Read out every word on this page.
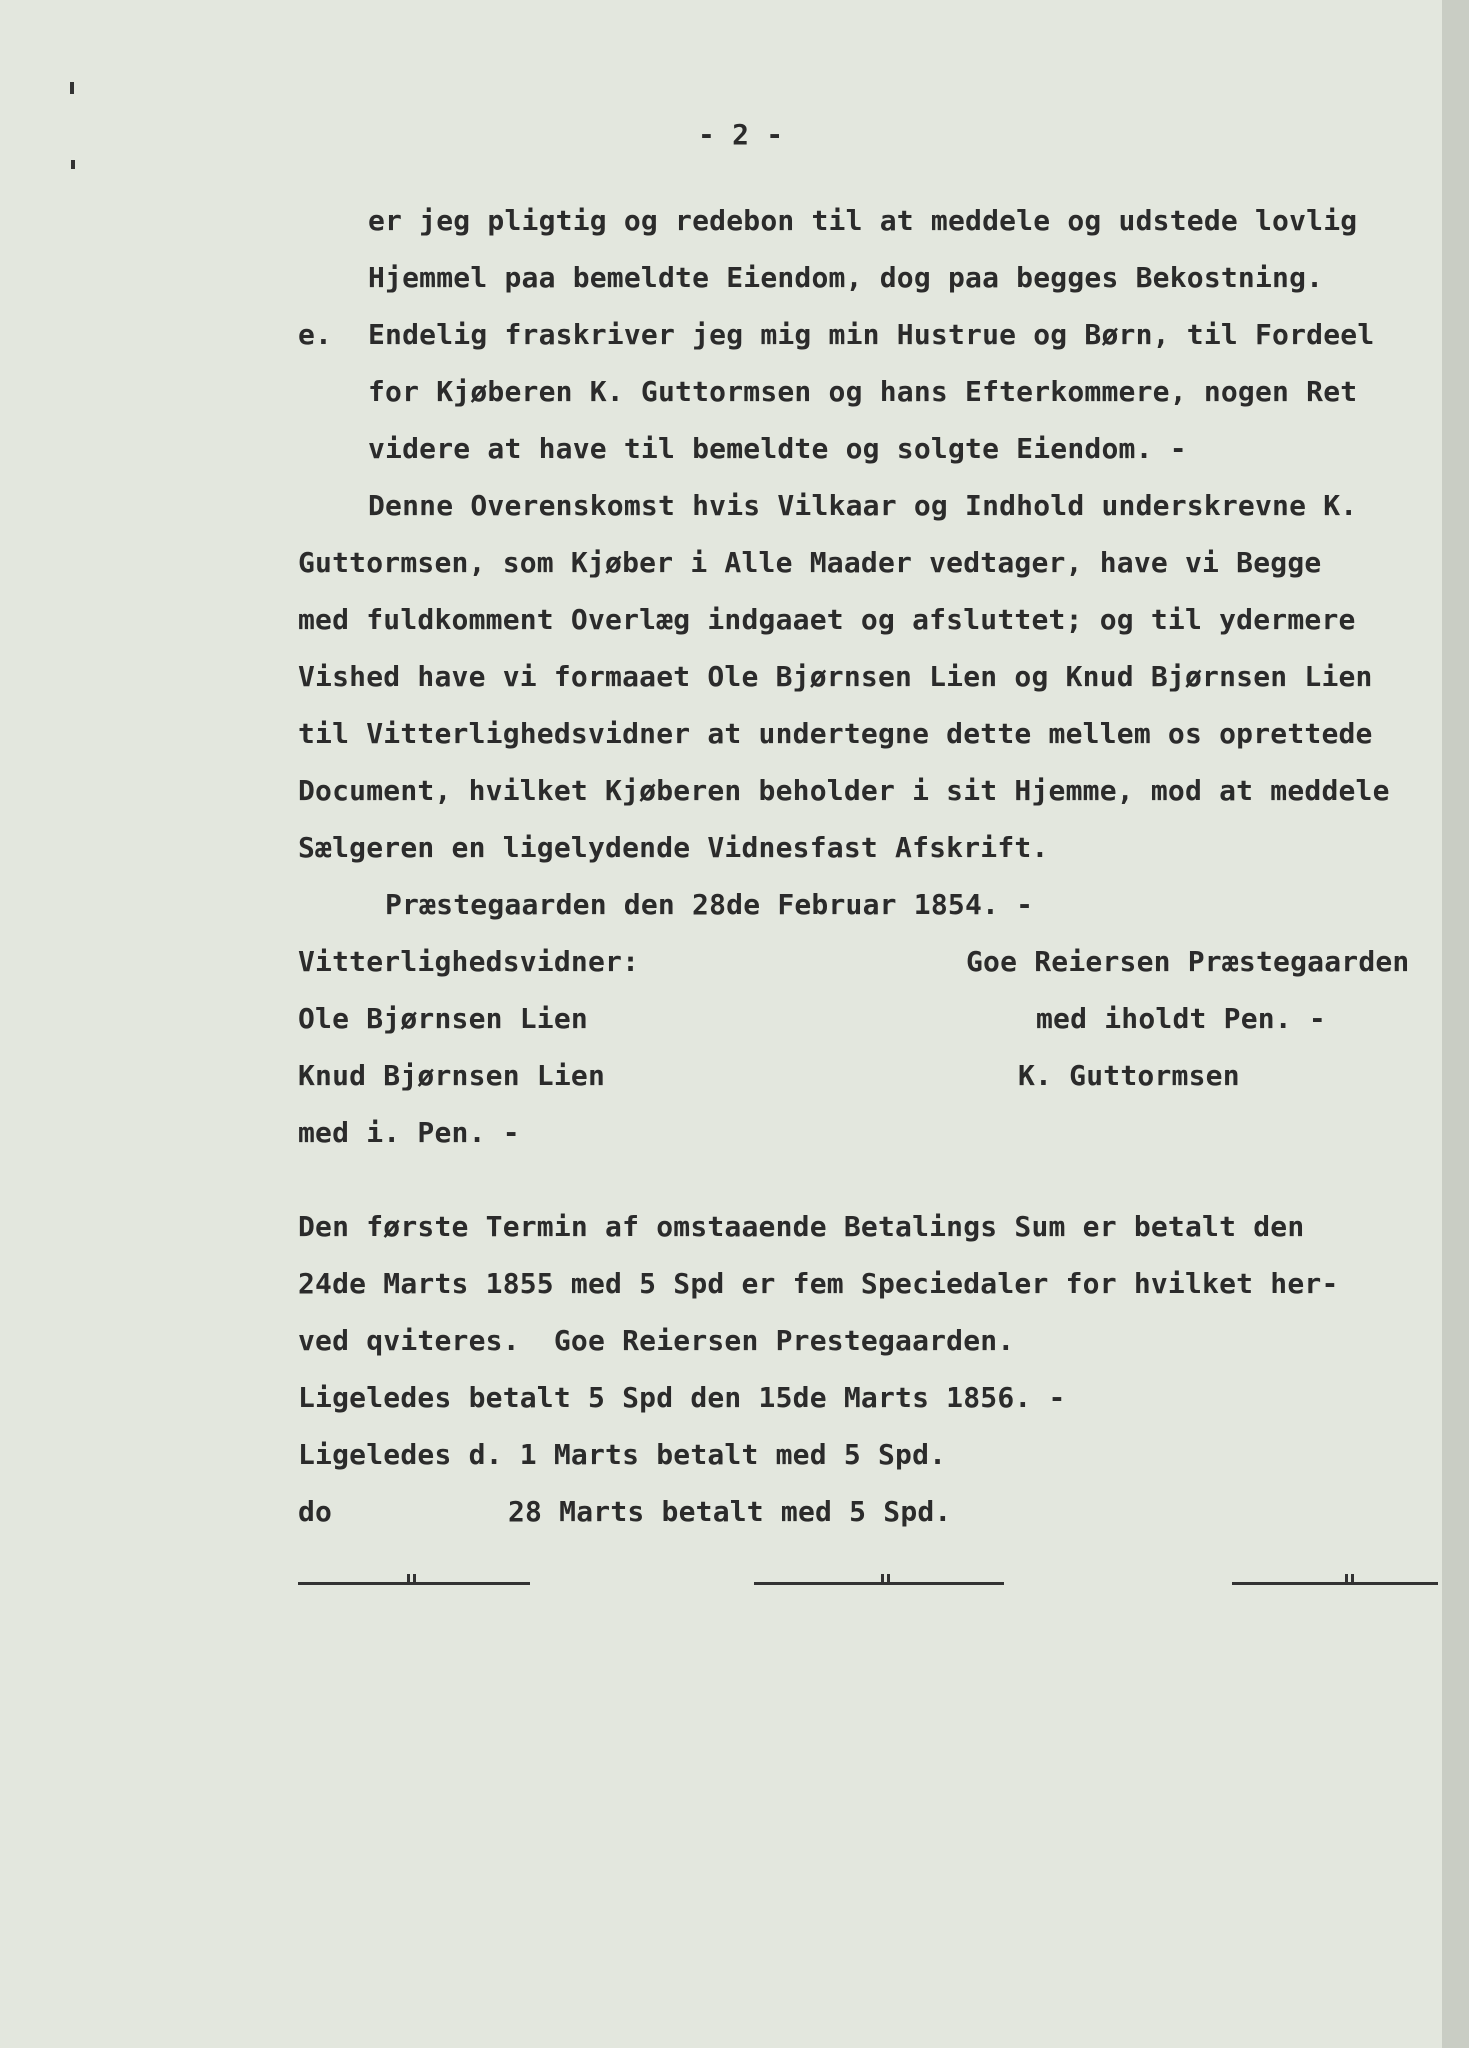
- 2 -
er jeg pligtig og redebon til at meddele og udstede lovlig
Hjemmel paa bemeldte Eiendom, dog paa begges Bekostning.
e. Endelig fraskriver jeg mig min Hustrue og Børn, til Fordeel
for Kjøberen K. Guttormsen og hans Efterkommere, nogen Ret
videre at have til bemeldte og solgte Eiendom. -
Denne Overenskomst hvis Vilkaar og Indhold underskrevne K.
Guttormsen, som Kjøber i Alle Maader vedtager, have vi Begge
med fuldkomment Overlæg indgaaet og afsluttet; og til ydermere
Vished have vi formaaet Ole Bjørnsen Lien og Knud Bjørnsen Lien
til Vitterlighedsvidner at undertegne dette mellem os oprettede
Document, hvilket Kjøberen beholder i sit Hjemme, mod at meddele
Sælgeren en ligelydende Vidnesfast Afskrift.
Præstegaarden den 28de Februar 1854. -
Vitterlighedsvidner:	Goe Reiersen Præstegaarden
Ole Bjørnsen Lien	med iholdt Pen. -
Knud Bjørnsen Lien	K. Guttormsen
med i. Pen. -
Den første Termin af omstaaende Betalings Sum er betalt den
24de Marts 1855 med 5 Spd er fem Speciedaler for hvilket her-
ved qviteres.  Goe Reiersen Prestegaarden.
Ligeledes betalt 5 Spd den 15de Marts 1856. -
Ligeledes d. 1 Marts betalt med 5 Spd.
do	28 Marts betalt med 5 Spd.
